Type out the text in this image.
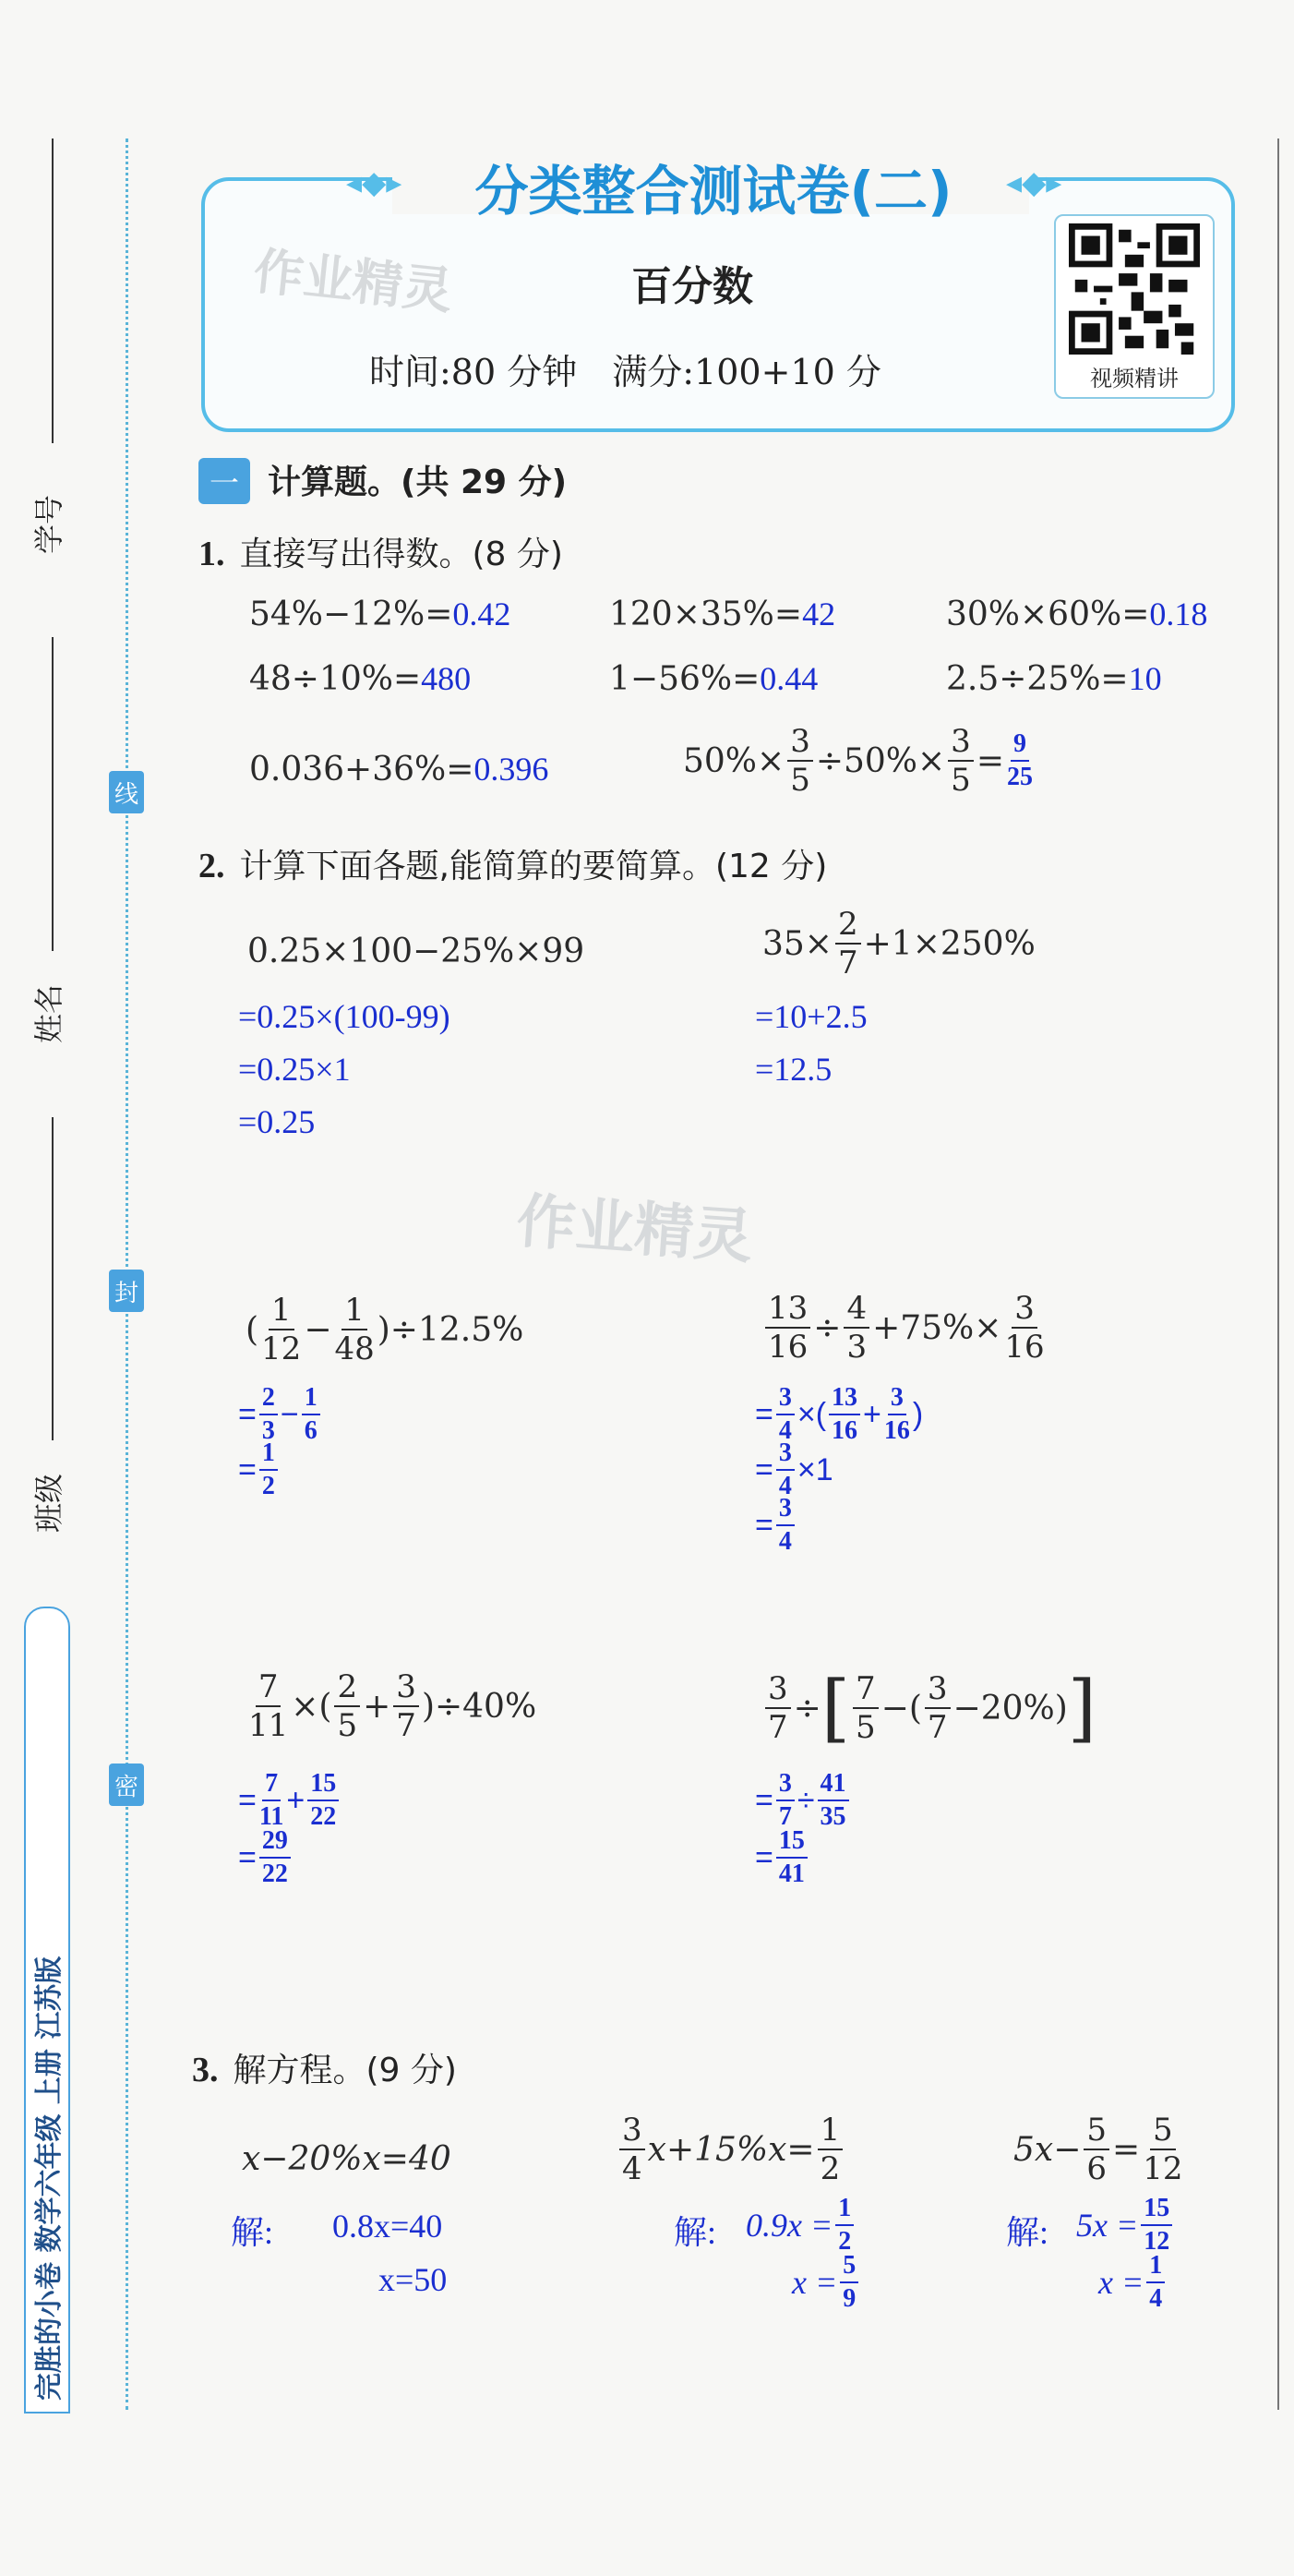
学号
姓名
班级
线
封
密
完胜的小卷 数学六年级 上册 江苏版
◂◆▸	◂◆▸
分类整合测试卷(二)
作业精灵	百分数
时间:80 分钟　满分:100+10 分	视频精讲
一 计算题。(共 29 分)
1. 直接写出得数。(8 分)
54%−12%=0.42	120×35%=42	30%×60%=0.18
48÷10%=480	1−56%=0.44	2.5÷25%=10
0.036+36%=0.396	$50\%\times \frac{3}{5} \div 50\%\times \frac{3}{5} = \frac{9}{25}$
2. 计算下面各题,能简算的要简算。(12 分)
0.25×100−25%×99
=0.25×(100-99)
=0.25×1
=0.25
$35\times \frac{2}{7} +1\times 250\%$
=10+2.5
=12.5
作业精灵
( $\frac{1}{12} - \frac{1}{48} )\div 12.5\%$
= $\frac{2}{3} - \frac{1}{6}$
= $\frac{1}{2}$
$\frac{13}{16} \div \frac{4}{3} +75\%\times \frac{3}{16}$
= $\frac{3}{4}$ ×( $\frac{13}{16} + \frac{3}{16}$ )
= $\frac{3}{4} \times 1$
= $\frac{3}{4}$
$\frac{7}{11}$ ×( $\frac{2}{5} + \frac{3}{7} )\div 40\%$
= $\frac{7}{11} + \frac{15}{22}$
= $\frac{29}{22}$
$\frac{3}{7}$ ÷ [ $\frac{7}{5}$ −( $\frac{3}{7} -20\%$) ]
= $\frac{3}{7} \div \frac{41}{35}$
= $\frac{15}{41}$
3. 解方程。(9 分)
x−20%x=40
解: 0.8x=40
x=50
$\frac{3}{4} x+15\%x= \frac{1}{2}$
解: $0.9x = \frac{1}{2}$
$x = \frac{5}{9}$
$5x- \frac{5}{6} = \frac{5}{12}$
解: $5x = \frac{15}{12}$
$x = \frac{1}{4}$
